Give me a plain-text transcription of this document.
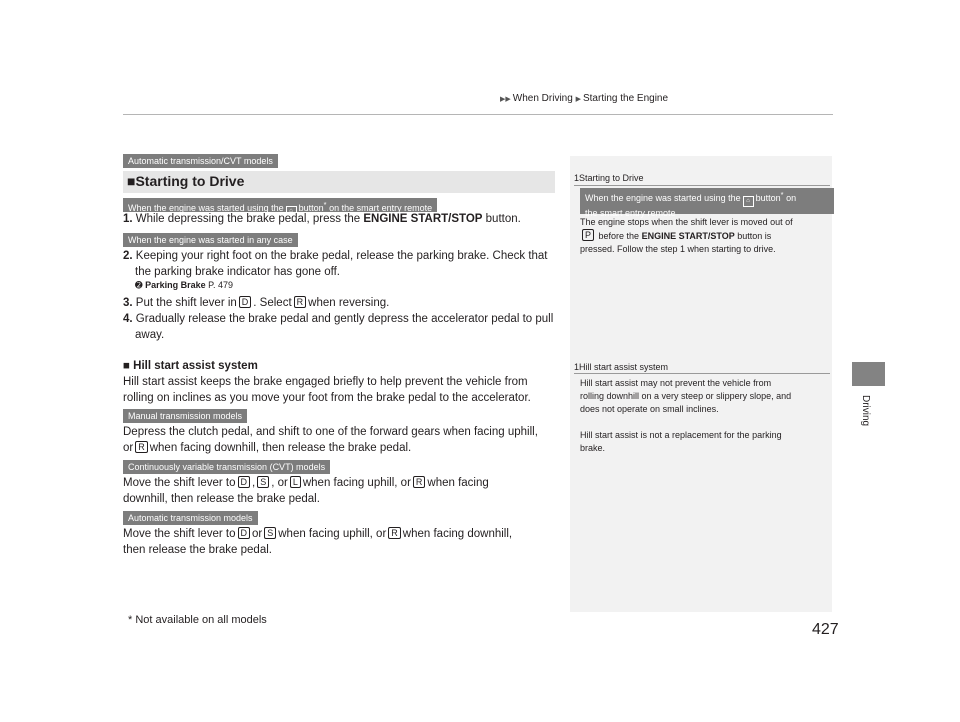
▶▶ When Driving ▶ Starting the Engine
Driving
427
Automatic transmission/CVT models
■Starting to Drive
When the engine was started using the ⌂ button* on the smart entry remote
1. While depressing the brake pedal, press the ENGINE START/STOP button.
When the engine was started in any case
2. Keeping your right foot on the brake pedal, release the parking brake. Check that
the parking brake indicator has gone off.
➋ Parking Brake P. 479
3. Put the shift lever in D . Select R when reversing.
4. Gradually release the brake pedal and gently depress the accelerator pedal to pull
away.
■ Hill start assist system
Hill start assist keeps the brake engaged briefly to help prevent the vehicle from
rolling on inclines as you move your foot from the brake pedal to the accelerator.
Manual transmission models
Depress the clutch pedal, and shift to one of the forward gears when facing uphill,
or R when facing downhill, then release the brake pedal.
Continuously variable transmission (CVT) models
Move the shift lever to D , S , or L when facing uphill, or R when facing
downhill, then release the brake pedal.
Automatic transmission models
Move the shift lever to D or S when facing uphill, or R when facing downhill,
then release the brake pedal.
1Starting to Drive
When the engine was started using the ⌂ button* on
the smart entry remote
The engine stops when the shift lever is moved out of
P before the ENGINE START/STOP button is
pressed. Follow the step 1 when starting to drive.
1Hill start assist system
Hill start assist may not prevent the vehicle from
rolling downhill on a very steep or slippery slope, and
does not operate on small inclines.

Hill start assist is not a replacement for the parking
brake.
* Not available on all models
